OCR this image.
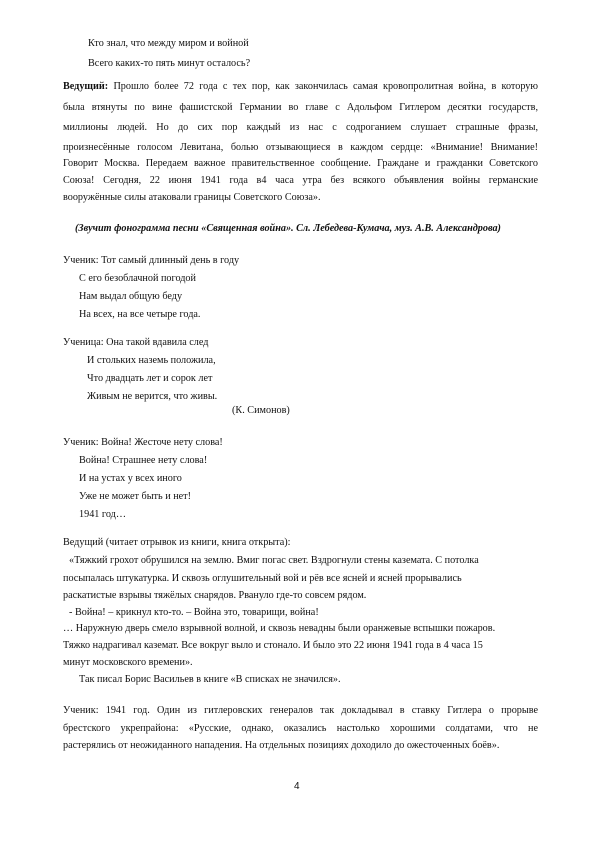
Кто знал, что между миром и войной
Всего каких-то пять минут осталось?
Ведущий: Прошло более 72 года с тех пор, как закончилась самая кровопролитная война, в которую
была втянуты по вине фашистской Германии во главе с Адольфом Гитлером десятки государств,
миллионы людей. Но до сих пор каждый из нас с содроганием слушает страшные фразы,
произнесённые голосом Левитана, болью отзывающиеся в каждом сердце: «Внимание! Внимание!
Говорит Москва. Передаем важное правительственное сообщение. Граждане и гражданки Советского
Союза! Сегодня, 22 июня 1941 года в4 часа утра без всякого объявления войны германские
вооружённые силы атаковали границы Советского Союза».
(Звучит фонограмма песни «Священная война». Сл. Лебедева-Кумача, муз. А.В. Александрова)
Ученик: Тот самый длинный день в году
С его безоблачной погодой
Нам выдал общую беду
На всех, на все четыре года.
Ученица: Она такой вдавила след
И стольких наземь положила,
Что двадцать лет и сорок лет
Живым не верится, что живы.
(К. Симонов)
Ученик: Война! Жесточе нету слова!
Война! Страшнее нету слова!
И на устах у всех иного
Уже не может быть и нет!
1941 год…
Ведущий (читает отрывок из книги, книга открыта):
«Тяжкий грохот обрушился на землю. Вмиг погас свет. Вздрогнули стены каземата. С потолка
посыпалась штукатурка. И сквозь оглушительный вой и рёв все ясней и ясней прорывались
раскатистые взрывы тяжёлых снарядов. Рвануло где-то совсем рядом.
- Война! – крикнул кто-то. – Война это, товарищи, война!
… Наружную дверь смело взрывной волной, и сквозь невадны были оранжевые вспышки пожаров.
Тяжко надрагивал каземат. Все вокруг выло и стонало. И было это 22 июня 1941 года в 4 часа 15
минут московского времени».
Так писал Борис Васильев в книге «В списках не значился».
Ученик: 1941 год. Один из гитлеровских генералов так докладывал в ставку Гитлера о прорыве
брестского укрепрайона: «Русские, однако, оказались настолько хорошими солдатами, что не
растерялись от неожиданного нападения. На отдельных позициях доходило до ожесточенных боёв».
4
